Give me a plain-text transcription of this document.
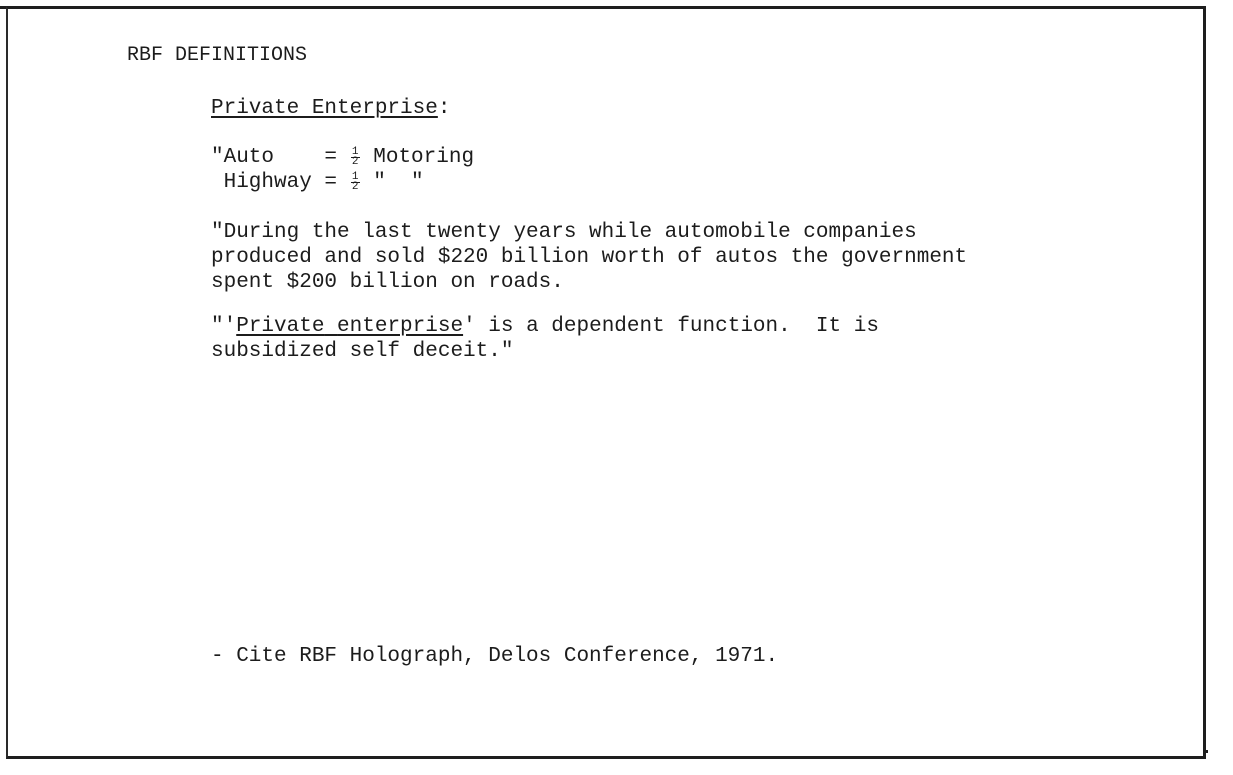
RBF DEFINITIONS

Private Enterprise:

"Auto    = $\frac{1}{2}$ Motoring
Highway = $\frac{1}{2}$ "  "

"During the last twenty years while automobile companies
produced and sold $220 billion worth of autos the government
spent $200 billion on roads.

"'Private enterprise' is a dependent function.  It is
subsidized self deceit."

- Cite RBF Holograph, Delos Conference, 1971.
